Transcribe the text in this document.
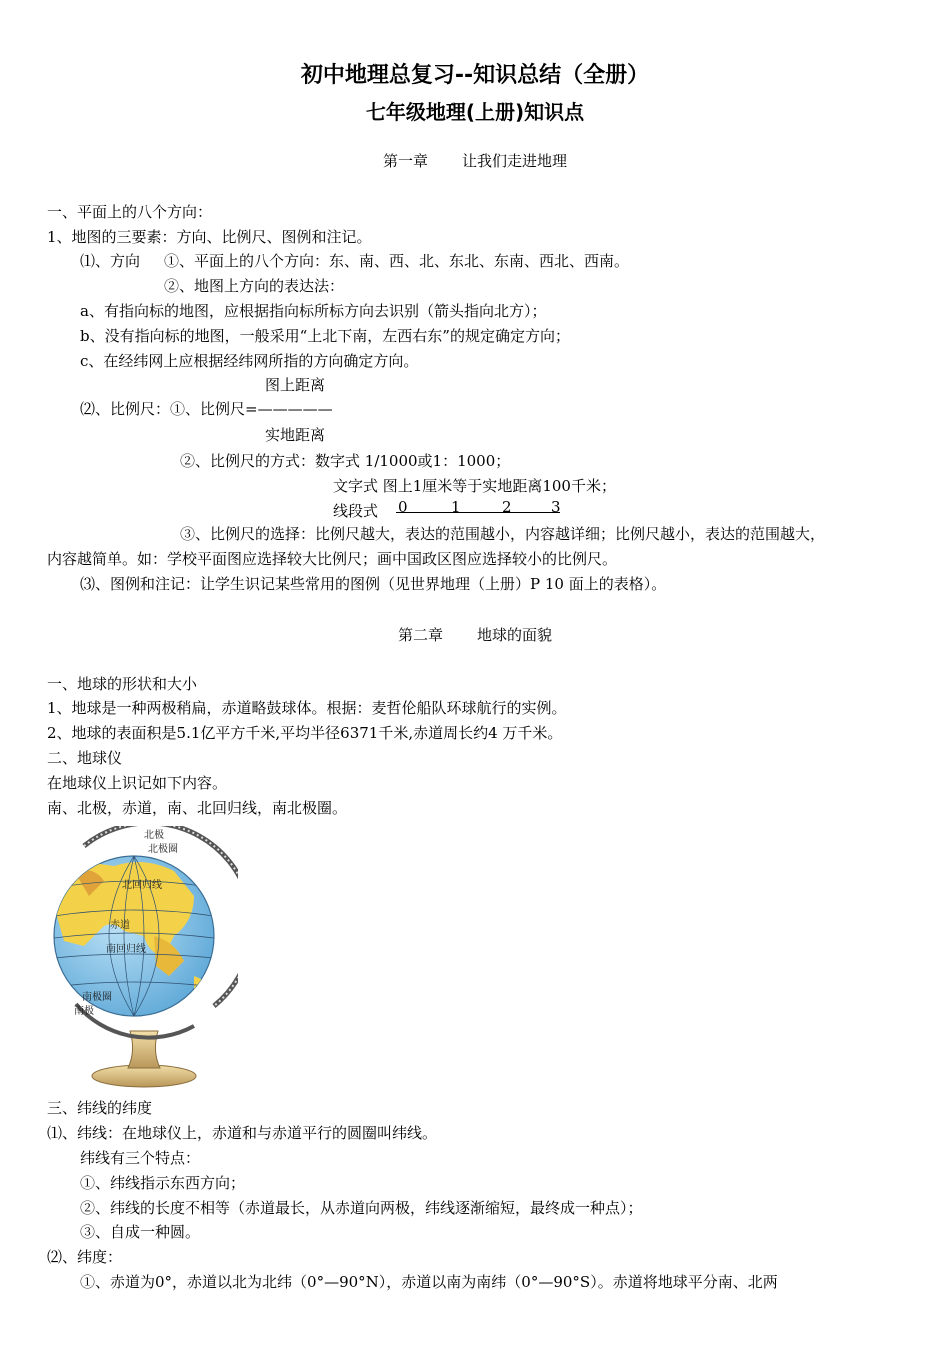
初中地理总复习--知识总结（全册）
七年级地理(上册)知识点
第一章 让我们走进地理
一、平面上的八个方向：
1、地图的三要素：方向、比例尺、图例和注记。
⑴、方向 ①、平面上的八个方向：东、南、西、北、东北、东南、西北、西南。
②、地图上方向的表达法：
a、有指向标的地图，应根据指向标所标方向去识别（箭头指向北方）；
b、没有指向标的地图，一般采用“上北下南，左西右东”的规定确定方向；
c、在经纬网上应根据经纬网所指的方向确定方向。
图上距离
⑵、比例尺：①、比例尺=—————
实地距离
②、比例尺的方式：数字式 1/1000或1：1000；
文字式 图上1厘米等于实地距离100千米；
线段式 0	1	2	3
③、比例尺的选择：比例尺越大，表达的范围越小，内容越详细；比例尺越小，表达的范围越大，
内容越简单。如：学校平面图应选择较大比例尺；画中国政区图应选择较小的比例尺。
⑶、图例和注记：让学生识记某些常用的图例（见世界地理（上册）P 10 面上的表格）。
第二章 地球的面貌
一、地球的形状和大小
1、地球是一种两极稍扁，赤道略鼓球体。根据：麦哲伦船队环球航行的实例。
2、地球的表面积是5.1亿平方千米,平均半径6371千米,赤道周长约4 万千米。
二、地球仪
在地球仪上识记如下内容。
南、北极，赤道，南、北回归线，南北极圈。
北极
北极圈
北回归线
赤道
南回归线
南极圈
南极
三、纬线的纬度
⑴、纬线：在地球仪上，赤道和与赤道平行的圆圈叫纬线。
纬线有三个特点：
①、纬线指示东西方向；
②、纬线的长度不相等（赤道最长，从赤道向两极，纬线逐渐缩短，最终成一种点）；
③、自成一种圆。
⑵、纬度：
①、赤道为0°，赤道以北为北纬（0°—90°N），赤道以南为南纬（0°—90°S）。赤道将地球平分南、北两
